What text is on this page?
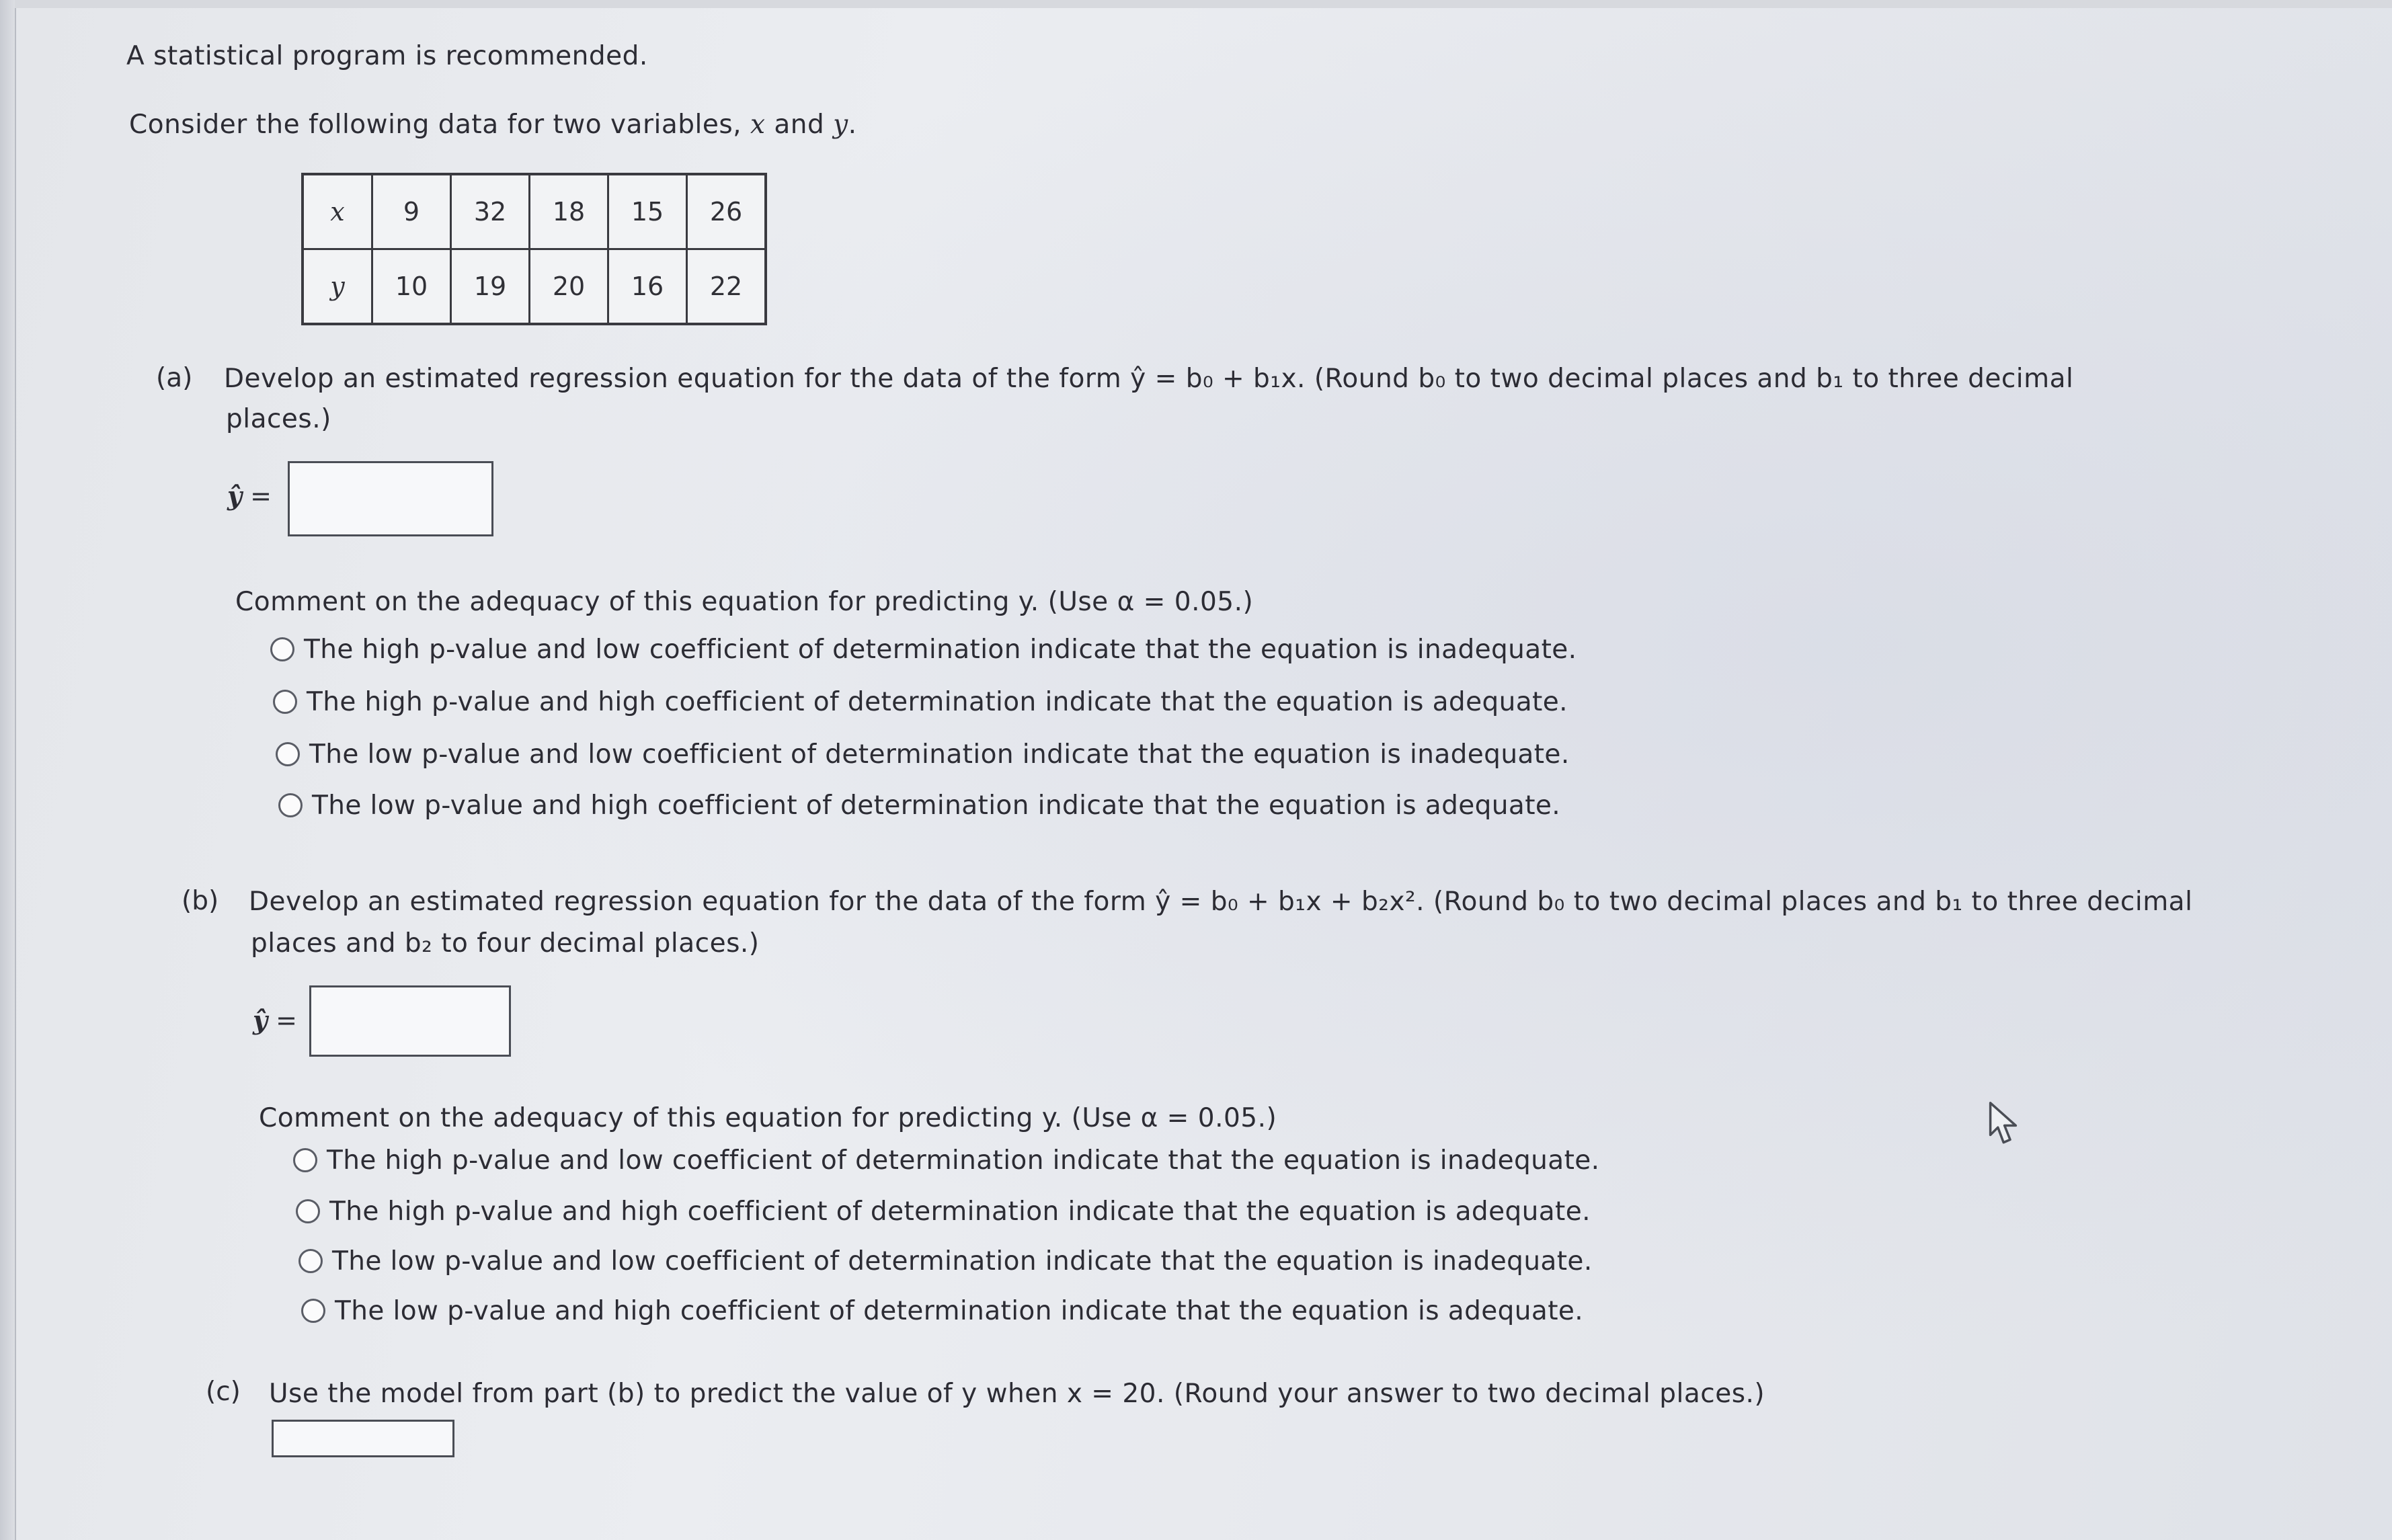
A statistical program is recommended.
Consider the following data for two variables, x and y.
x	9	32	18	15	26
y	10	19	20	16	22
(a) Develop an estimated regression equation for the data of the form ŷ = b₀ + b₁x. (Round b₀ to two decimal places and b₁ to three decimal
places.)
ŷ =
Comment on the adequacy of this equation for predicting y. (Use α = 0.05.)
The high p-value and low coefficient of determination indicate that the equation is inadequate.
The high p-value and high coefficient of determination indicate that the equation is adequate.
The low p-value and low coefficient of determination indicate that the equation is inadequate.
The low p-value and high coefficient of determination indicate that the equation is adequate.
(b) Develop an estimated regression equation for the data of the form ŷ = b₀ + b₁x + b₂x². (Round b₀ to two decimal places and b₁ to three decimal
places and b₂ to four decimal places.)
ŷ =
Comment on the adequacy of this equation for predicting y. (Use α = 0.05.)
The high p-value and low coefficient of determination indicate that the equation is inadequate.
The high p-value and high coefficient of determination indicate that the equation is adequate.
The low p-value and low coefficient of determination indicate that the equation is inadequate.
The low p-value and high coefficient of determination indicate that the equation is adequate.
(c) Use the model from part (b) to predict the value of y when x = 20. (Round your answer to two decimal places.)
